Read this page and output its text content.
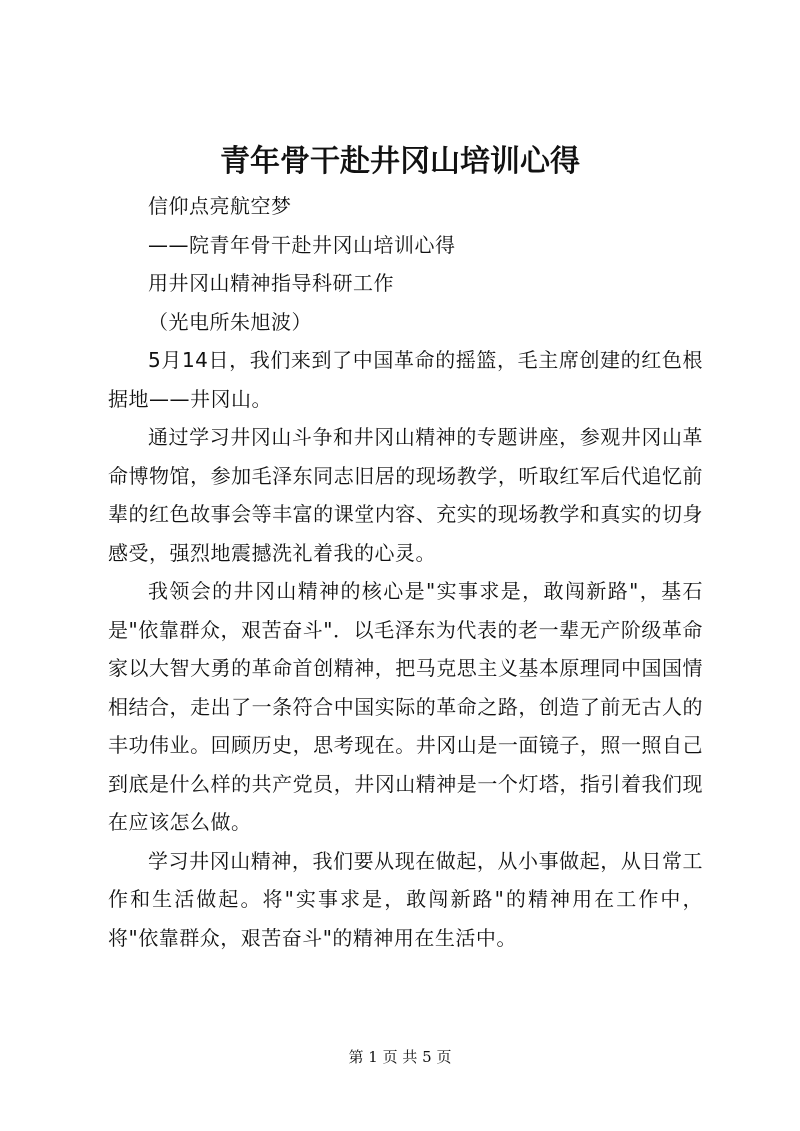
青年骨干赴井冈山培训心得

信仰点亮航空梦

——院青年骨干赴井冈山培训心得

用井冈山精神指导科研工作

（光电所朱旭波）

5月14日，我们来到了中国革命的摇篮，毛主席创建的红色根据地——井冈山。

通过学习井冈山斗争和井冈山精神的专题讲座，参观井冈山革命博物馆，参加毛泽东同志旧居的现场教学，听取红军后代追忆前辈的红色故事会等丰富的课堂内容、充实的现场教学和真实的切身感受，强烈地震撼洗礼着我的心灵。

我领会的井冈山精神的核心是"实事求是，敢闯新路"，基石是"依靠群众，艰苦奋斗"．以毛泽东为代表的老一辈无产阶级革命家以大智大勇的革命首创精神，把马克思主义基本原理同中国国情相结合，走出了一条符合中国实际的革命之路，创造了前无古人的丰功伟业。回顾历史，思考现在。井冈山是一面镜子，照一照自己到底是什么样的共产党员，井冈山精神是一个灯塔，指引着我们现在应该怎么做。

学习井冈山精神，我们要从现在做起，从小事做起，从日常工作和生活做起。将"实事求是，敢闯新路"的精神用在工作中，将"依靠群众，艰苦奋斗"的精神用在生活中。

第 1 页 共 5 页
